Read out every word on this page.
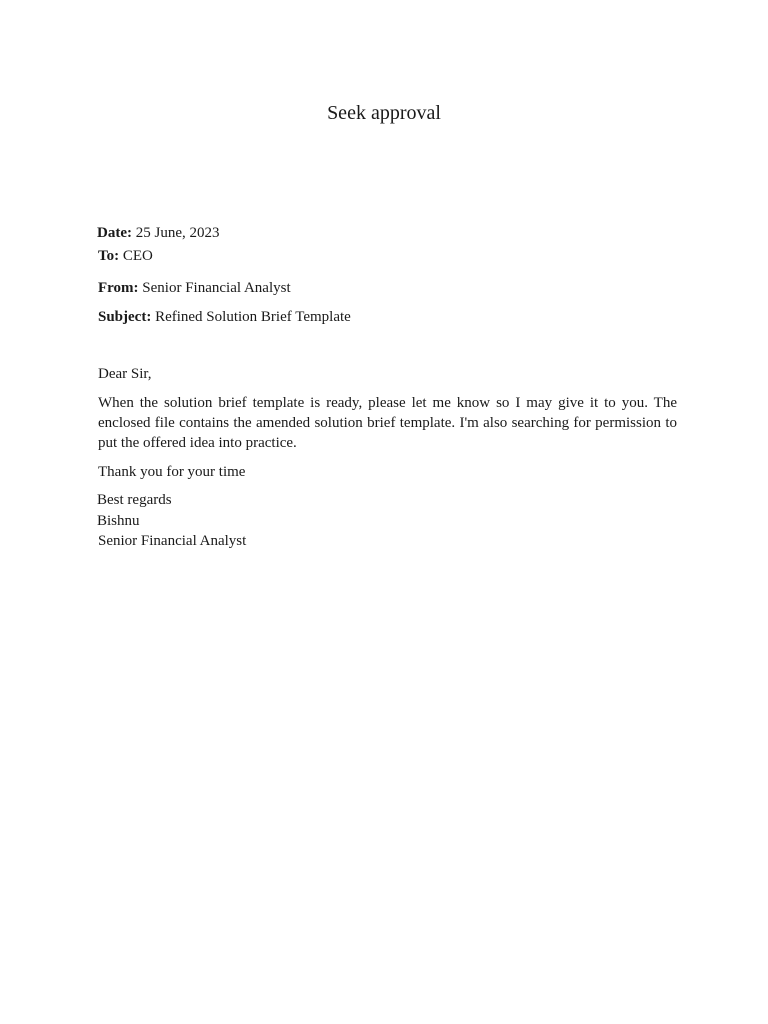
Seek approval
Date: 25 June, 2023
To: CEO
From: Senior Financial Analyst
Subject: Refined Solution Brief Template
Dear Sir,
When the solution brief template is ready, please let me know so I may give it to you. The enclosed file contains the amended solution brief template. I'm also searching for permission to put the offered idea into practice.
Thank you for your time
Best regards
Bishnu
Senior Financial Analyst
